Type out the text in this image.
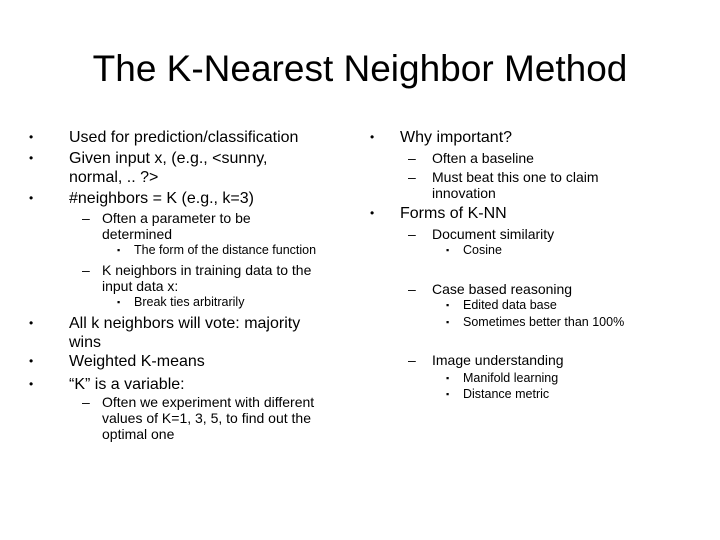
The K-Nearest Neighbor Method
• Used for prediction/classification
• Given input x, (e.g., <sunny,
normal, .. ?>
• #neighbors = K (e.g., k=3)
– Often a parameter to be
determined
▪ The form of the distance function
– K neighbors in training data to the
input data x:
▪ Break ties arbitrarily
• All k neighbors will vote: majority
wins
• Weighted K-means
• “K” is a variable:
– Often we experiment with different
values of K=1, 3, 5, to find out the
optimal one
• Why important?
– Often a baseline
– Must beat this one to claim
innovation
• Forms of K-NN
– Document similarity
▪ Cosine
– Case based reasoning
▪ Edited data base
▪ Sometimes better than 100%
– Image understanding
▪ Manifold learning
▪ Distance metric
